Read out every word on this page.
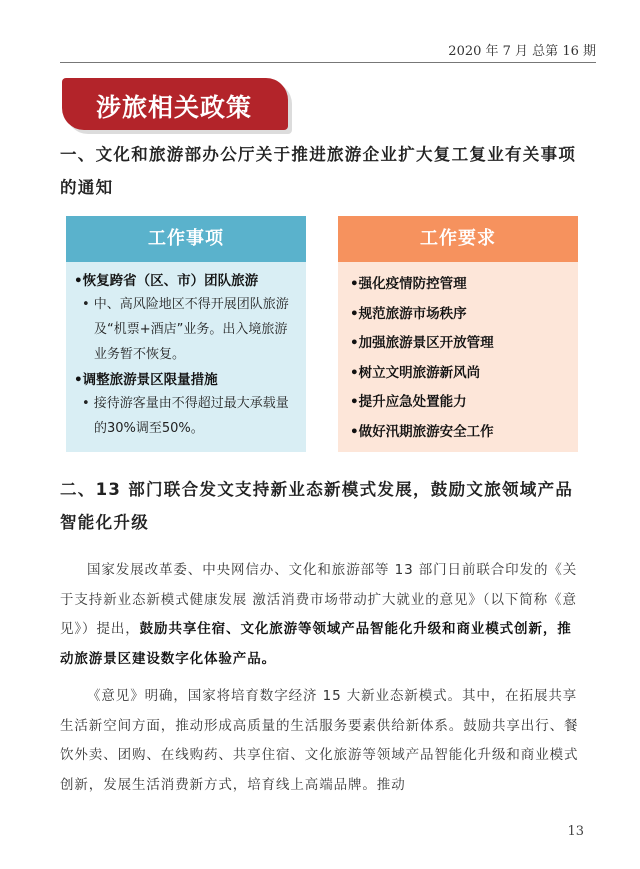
2020 年 7 月 总第 16 期
涉旅相关政策
一、文化和旅游部办公厅关于推进旅游企业扩大复工复业有关事项的通知
工作事项
•恢复跨省（区、市）团队旅游
• 中、高风险地区不得开展团队旅游及“机票+酒店”业务。出入境旅游业务暂不恢复。
•调整旅游景区限量措施
• 接待游客量由不得超过最大承载量的30%调至50%。
工作要求
•强化疫情防控管理
•规范旅游市场秩序
•加强旅游景区开放管理
•树立文明旅游新风尚
•提升应急处置能力
•做好汛期旅游安全工作
二、13 部门联合发文支持新业态新模式发展，鼓励文旅领域产品智能化升级
国家发展改革委、中央网信办、文化和旅游部等 13 部门日前联合印发的《关于支持新业态新模式健康发展 激活消费市场带动扩大就业的意见》（以下简称《意见》）提出，鼓励共享住宿、文化旅游等领域产品智能化升级和商业模式创新，推动旅游景区建设数字化体验产品。
《意见》明确，国家将培育数字经济 15 大新业态新模式。其中，在拓展共享生活新空间方面，推动形成高质量的生活服务要素供给新体系。鼓励共享出行、餐饮外卖、团购、在线购药、共享住宿、文化旅游等领域产品智能化升级和商业模式创新，发展生活消费新方式，培育线上高端品牌。推动
13
